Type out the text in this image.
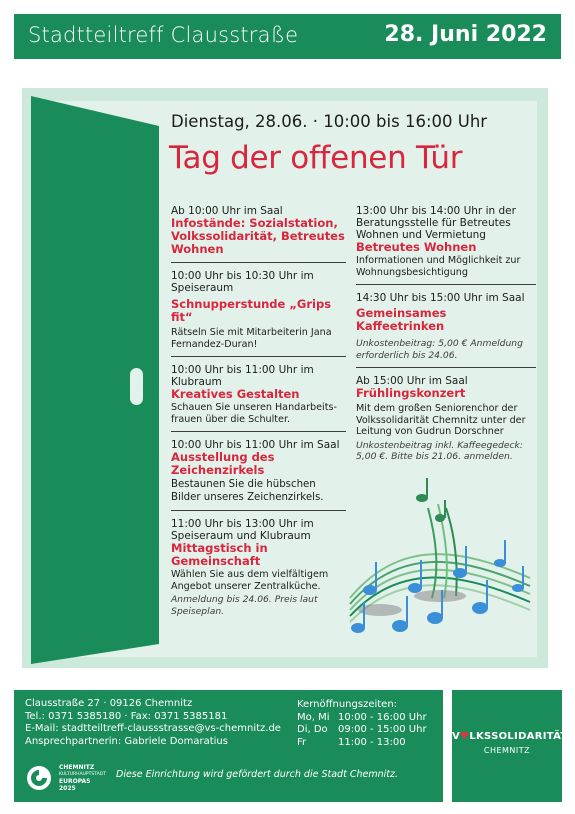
Stadtteiltreff Clausstraße	28. Juni 2022
Dienstag, 28.06. · 10:00 bis 16:00 Uhr
Tag der offenen Tür
Ab 10:00 Uhr im Saal
Infostände: Sozialstation, Volkssolidarität, Betreutes Wohnen
10:00 Uhr bis 10:30 Uhr im Speiseraum
Schnupperstunde „Grips fit“
Rätseln Sie mit Mitarbeiterin Jana Fernandez-Duran!
10:00 Uhr bis 11:00 Uhr im Klubraum
Kreatives Gestalten
Schauen Sie unseren Handarbeits-frauen über die Schulter.
10:00 Uhr bis 11:00 Uhr im Saal
Ausstellung des Zeichenzirkels
Bestaunen Sie die hübschen Bilder unseres Zeichenzirkels.
11:00 Uhr bis 13:00 Uhr im Speiseraum und Klubraum
Mittagstisch in Gemeinschaft
Wählen Sie aus dem vielfältigem Angebot unserer Zentralküche.
Anmeldung bis 24.06. Preis laut Speiseplan.
13:00 Uhr bis 14:00 Uhr in der Beratungsstelle für Betreutes Wohnen und Vermietung
Betreutes Wohnen
Informationen und Möglichkeit zur Wohnungsbesichtigung
14:30 Uhr bis 15:00 Uhr im Saal
Gemeinsames Kaffeetrinken
Unkostenbeitrag: 5,00 € Anmeldung erforderlich bis 24.06.
Ab 15:00 Uhr im Saal
Frühlingskonzert
Mit dem großen Seniorenchor der Volkssolidarität Chemnitz unter der Leitung von Gudrun Dorschner
Unkostenbeitrag inkl. Kaffeegedeck: 5,00 €. Bitte bis 21.06. anmelden.
Clausstraße 27 · 09126 Chemnitz
Tel.: 0371 5385180 · Fax: 0371 5385181
E-Mail: stadtteiltreff-claussstrasse@vs-chemnitz.de
Ansprechpartnerin: Gabriele Domaratius
Kernöffnungszeiten:
Mo, Mi 10:00 - 16:00 Uhr
Di, Do 09:00 - 15:00 Uhr
Fr	11:00 - 13:00
CHEMNITZ
KULTURHAUPTSTADT
EUROPAS 2025
Diese Einrichtung wird gefördert durch die Stadt Chemnitz.
V♥LKSSOLIDARITÄT
CHEMNITZ
